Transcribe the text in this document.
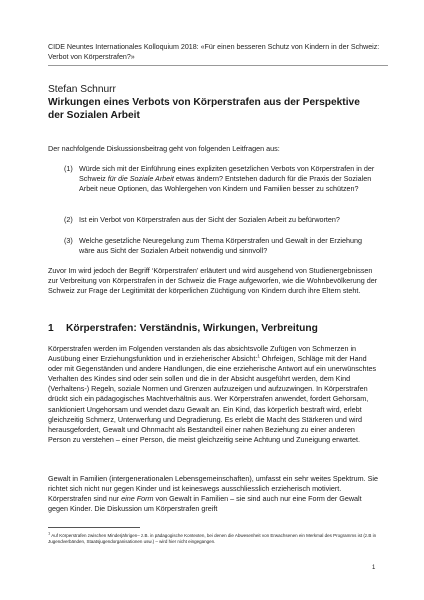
CIDE Neuntes Internationales Kolloquium 2018: «Für einen besseren Schutz von Kindern in der Schweiz: Verbot von Körperstrafen?»
Stefan Schnurr
Wirkungen eines Verbots von Körperstrafen aus der Perspektive der Sozialen Arbeit

Der nachfolgende Diskussionsbeitrag geht von folgenden Leitfragen aus:

(1) Würde sich mit der Einführung eines expliziten gesetzlichen Verbots von Körperstrafen in der Schweiz für die Soziale Arbeit etwas ändern? Entstehen dadurch für die Praxis der Sozialen Arbeit neue Optionen, das Wohlergehen von Kindern und Familien besser zu schützen?

(2) Ist ein Verbot von Körperstrafen aus der Sicht der Sozialen Arbeit zu befürworten?

(3) Welche gesetzliche Neuregelung zum Thema Körperstrafen und Gewalt in der Erziehung wäre aus Sicht der Sozialen Arbeit notwendig und sinnvoll?

Zuvor Im wird jedoch der Begriff ‘Körperstrafen’ erläutert und wird ausgehend von Studienergebnissen zur Verbreitung von Körperstrafen in der Schweiz die Frage aufgeworfen, wie die Wohnbevölkerung der Schweiz zur Frage der Legitimität der körperlichen Züchtigung von Kindern durch ihre Eltern steht.

1 Körperstrafen: Verständnis, Wirkungen, Verbreitung

Körperstrafen werden im Folgenden verstanden als das absichtsvolle Zufügen von Schmerzen in Ausübung einer Erziehungsfunktion und in erzieherischer Absicht:$^1$ Ohrfeigen, Schläge mit der Hand oder mit Gegenständen und andere Handlungen, die eine erzieherische Antwort auf ein unerwünschtes Verhalten des Kindes sind oder sein sollen und die in der Absicht ausgeführt werden, dem Kind (Verhaltens-) Regeln, soziale Normen und Grenzen aufzuzeigen und aufzuzwingen. In Körperstrafen drückt sich ein pädagogisches Machtverhältnis aus. Wer Körperstrafen anwendet, fordert Gehorsam, sanktioniert Ungehorsam und wendet dazu Gewalt an. Ein Kind, das körperlich bestraft wird, erlebt gleichzeitig Schmerz, Unterwerfung und Degradierung. Es erlebt die Macht des Stärkeren und wird herausgefordert, Gewalt und Ohnmacht als Bestandteil einer nahen Beziehung zu einer anderen Person zu verstehen – einer Person, die meist gleichzeitig seine Achtung und Zuneigung erwartet.

Gewalt in Familien (intergenerationalen Lebensgemeinschaften), umfasst ein sehr weites Spektrum. Sie richtet sich nicht nur gegen Kinder und ist keineswegs ausschliesslich erzieherisch motiviert. Körperstrafen sind nur eine Form von Gewalt in Familien – sie sind auch nur eine Form der Gewalt gegen Kinder. Die Diskussion um Körperstrafen greift

1 Auf Körperstrafen zwischen Minderjährigen– z.B. in pädagogische Kontexten, bei denen die Abwesenheit von Erwachsenen ein Merkmal des Programms ist (z.B in Jugendverbänden, Staatsjugendorganisationen usw.) – wird hier nicht eingegangen.
1
